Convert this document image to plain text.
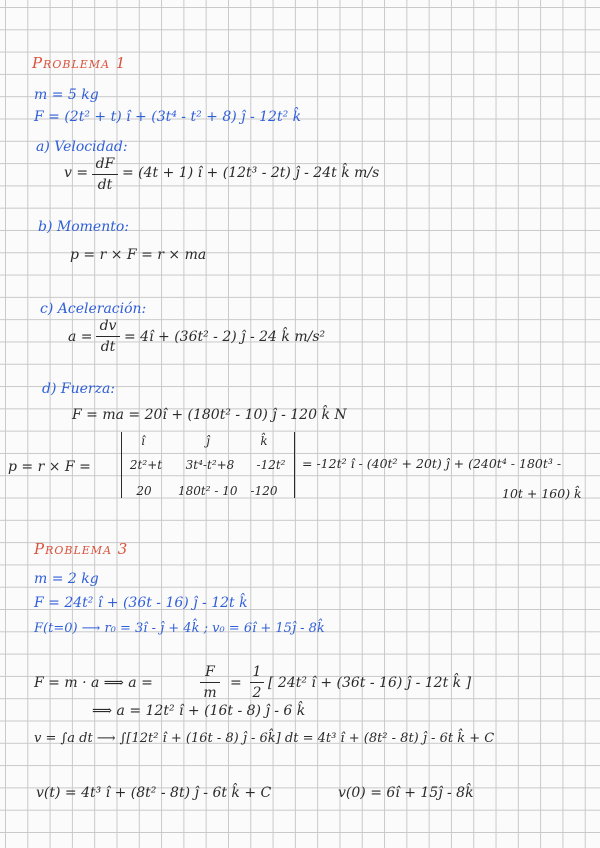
Problema 1
m = 5 kg
F = (2t² + t) î + (3t⁴ - t² + 8) ĵ - 12t² k̂
a) Velocidad:
v =
dF
dt
= (4t + 1) î + (12t³ - 2t) ĵ - 24t k̂ m/s
b) Momento:
p = r × F = r × ma
c) Aceleración:
a =
dv
dt
= 4î + (36t² - 2) ĵ - 24 k̂ m/s²
d) Fuerza:
F = ma = 20î + (180t² - 10) ĵ - 120 k̂ N
p = r × F =
î	ĵ	k̂
2t²+t	3t⁴-t²+8	-12t²
20	180t² - 10	-120
= -12t² î - (40t² + 20t) ĵ + (240t⁴ - 180t³ -
10t + 160) k̂
Problema 3
m = 2 kg
F = 24t² î + (36t - 16) ĵ - 12t k̂
F(t=0) ⟶ r₀ = 3î - ĵ + 4k̂ ; v₀ = 6î + 15ĵ - 8k̂
F = m · a ⟹ a =
F
m
=
1
2
[ 24t² î + (36t - 16) ĵ - 12t k̂ ]
⟹ a = 12t² î + (16t - 8) ĵ - 6 k̂
v = ∫a dt ⟶ ∫[12t² î + (16t - 8) ĵ - 6k̂] dt = 4t³ î + (8t² - 8t) ĵ - 6t k̂ + C
v(t) = 4t³ î + (8t² - 8t) ĵ - 6t k̂ + C	v(0) = 6î + 15ĵ - 8k̂
